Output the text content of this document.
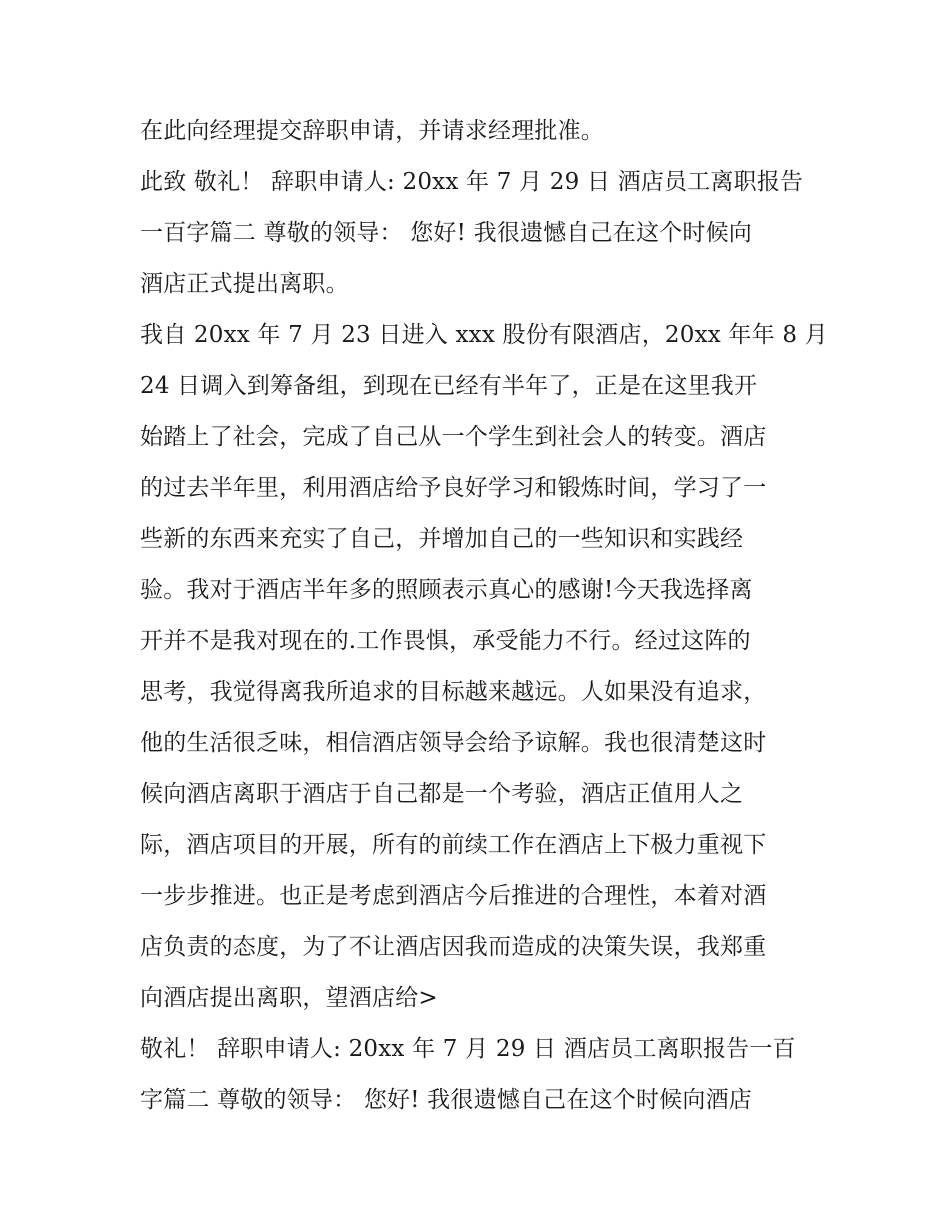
在此向经理提交辞职申请，并请求经理批准。
此致 敬礼！ 辞职申请人: 20xx 年 7 月 29 日 酒店员工离职报告
一百字篇二 尊敬的领导： 您好! 我很遗憾自己在这个时候向
酒店正式提出离职。
我自 20xx 年 7 月 23 日进入 xxx 股份有限酒店，20xx 年年 8 月
24 日调入到筹备组，到现在已经有半年了，正是在这里我开
始踏上了社会，完成了自己从一个学生到社会人的转变。酒店
的过去半年里，利用酒店给予良好学习和锻炼时间，学习了一
些新的东西来充实了自己，并增加自己的一些知识和实践经
验。我对于酒店半年多的照顾表示真心的感谢!今天我选择离
开并不是我对现在的.工作畏惧，承受能力不行。经过这阵的
思考，我觉得离我所追求的目标越来越远。人如果没有追求，
他的生活很乏味，相信酒店领导会给予谅解。我也很清楚这时
候向酒店离职于酒店于自己都是一个考验，酒店正值用人之
际，酒店项目的开展，所有的前续工作在酒店上下极力重视下
一步步推进。也正是考虑到酒店今后推进的合理性，本着对酒
店负责的态度，为了不让酒店因我而造成的决策失误，我郑重
向酒店提出离职，望酒店给>
敬礼！ 辞职申请人: 20xx 年 7 月 29 日 酒店员工离职报告一百
字篇二 尊敬的领导： 您好! 我很遗憾自己在这个时候向酒店
